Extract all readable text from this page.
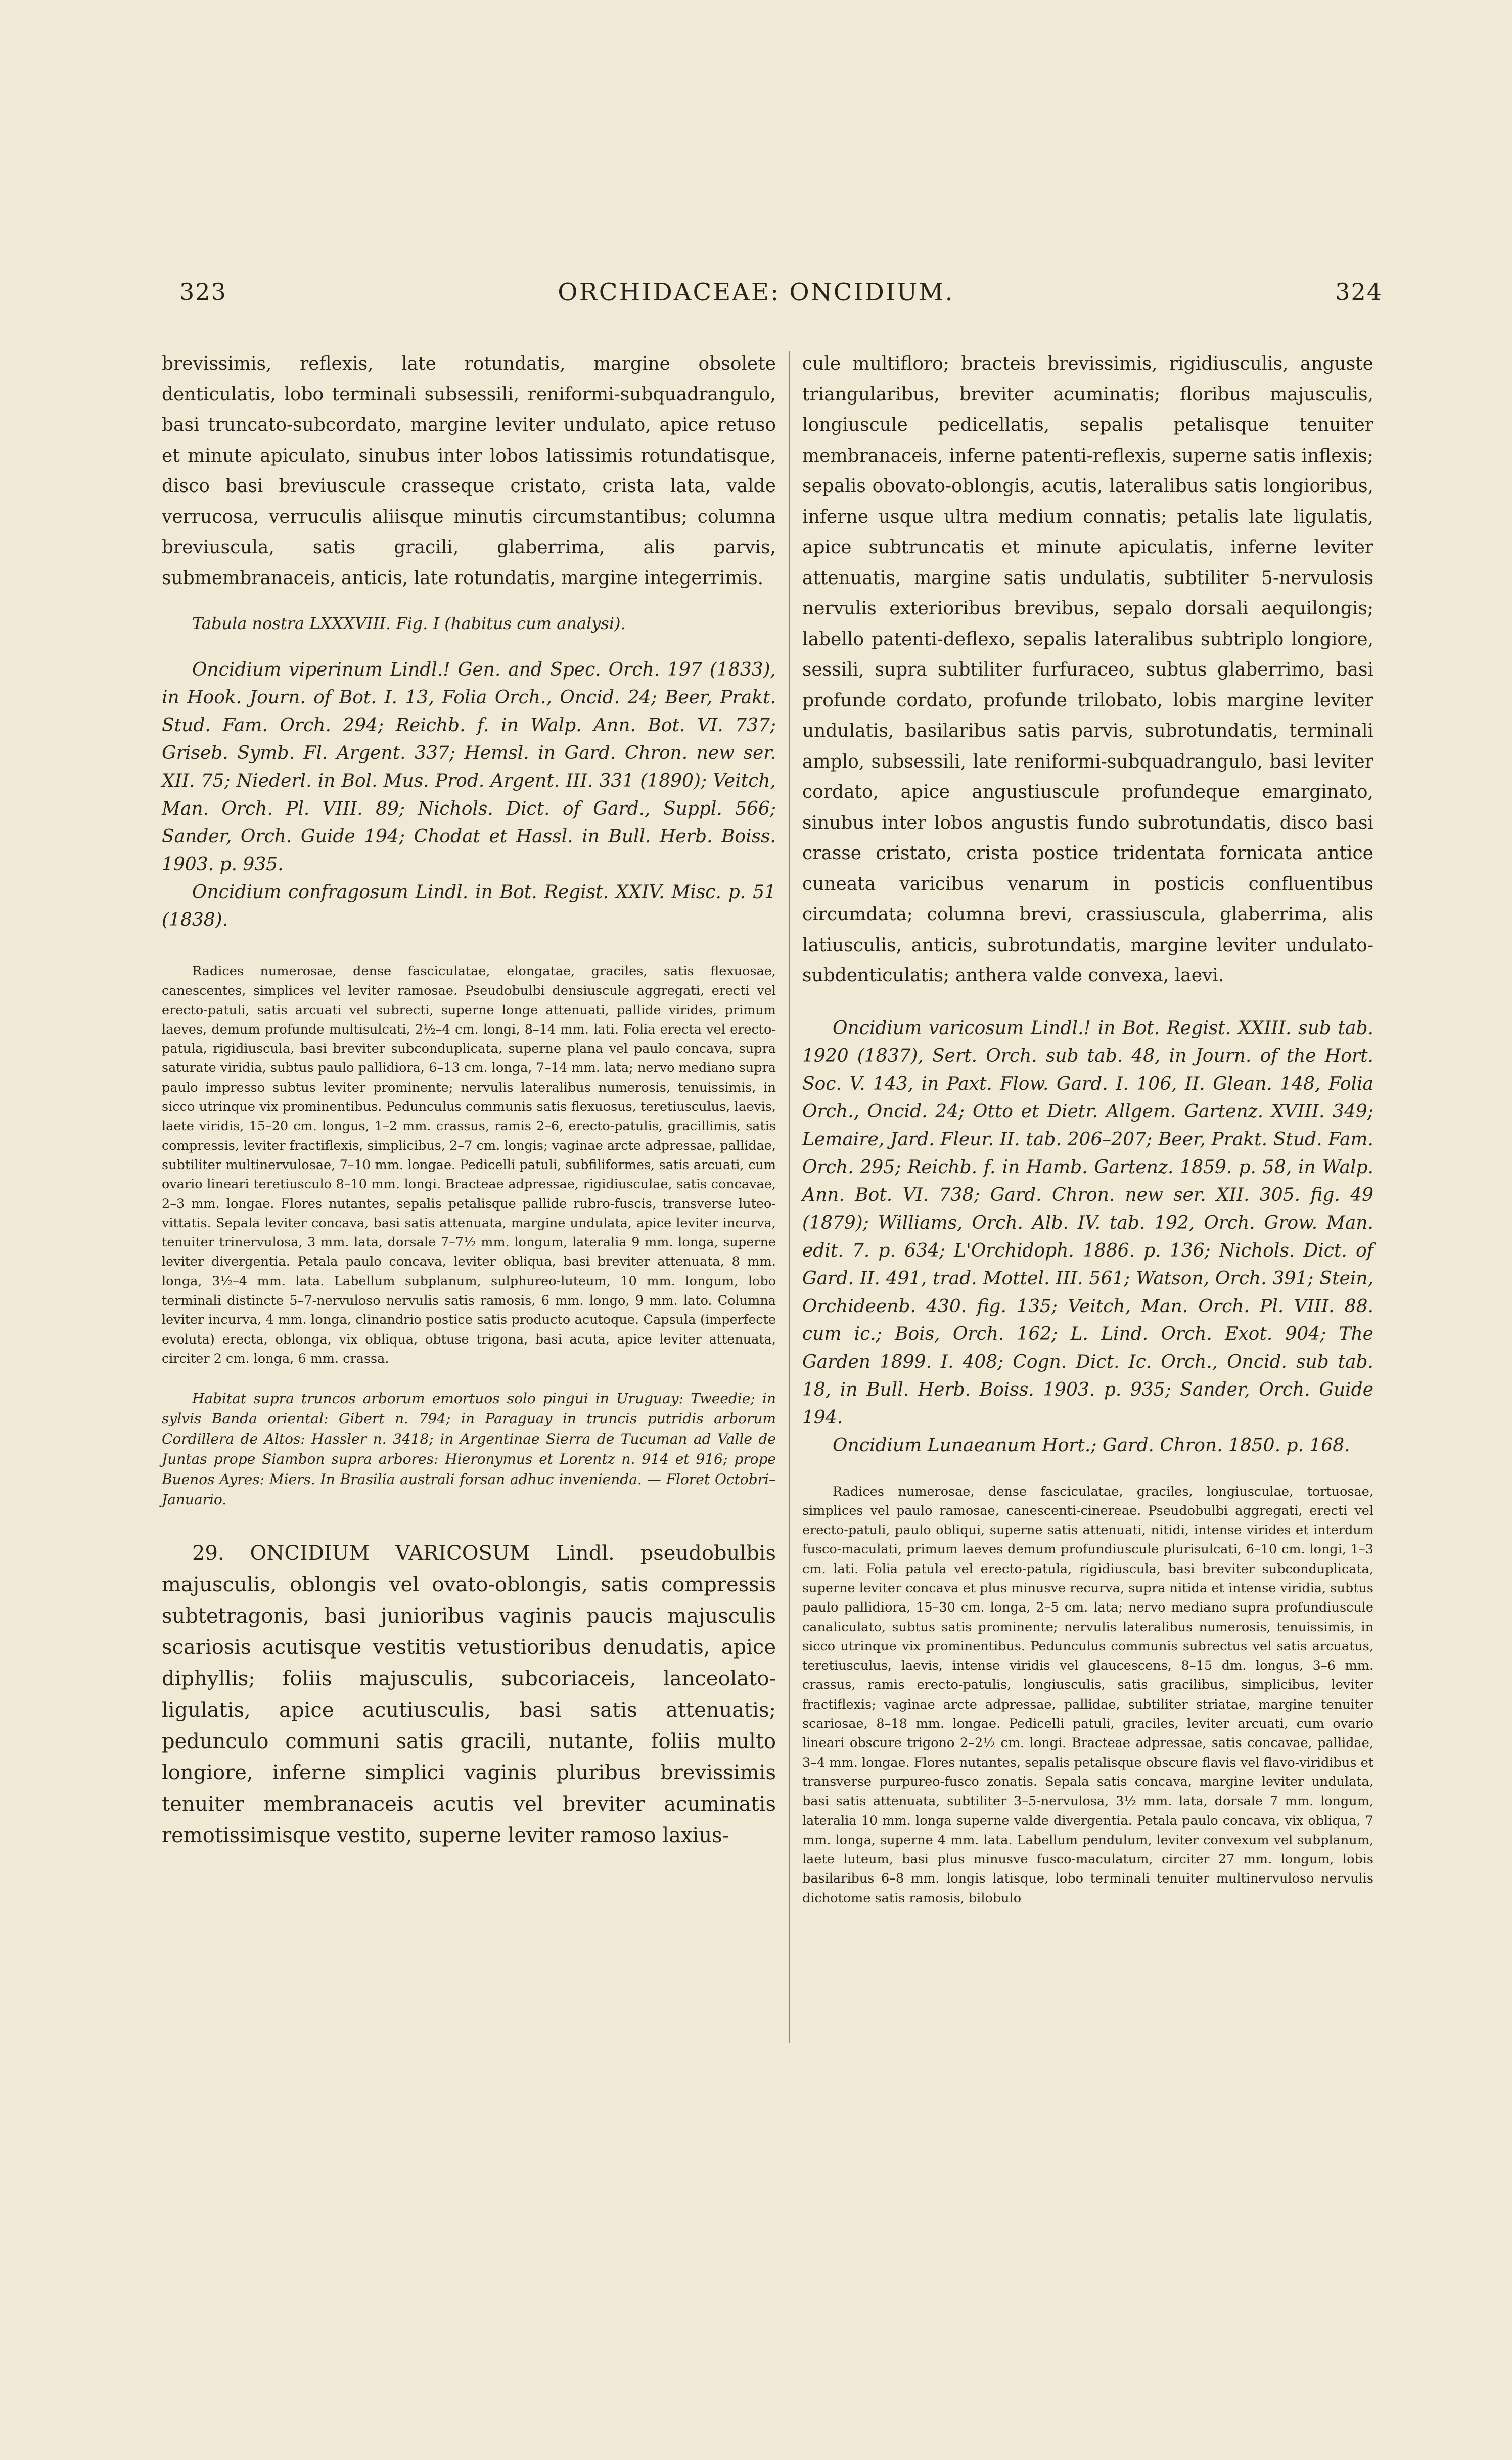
323	ORCHIDACEAE: ONCIDIUM.	324

brevissimis, reflexis, late rotundatis, margine obsolete denticulatis, lobo terminali subsessili, reniformi-subquadrangulo, basi truncato-subcordato, margine leviter undulato, apice retuso et minute apiculato, sinubus inter lobos latissimis rotundatisque, disco basi breviuscule crasseque cristato, crista lata, valde verrucosa, verruculis aliisque minutis circumstantibus; columna breviuscula, satis gracili, glaberrima, alis parvis, submembranaceis, anticis, late rotundatis, margine integerrimis.

Tabula nostra LXXXVIII. Fig. I (habitus cum analysi).

Oncidium viperinum Lindl.! Gen. and Spec. Orch. 197 (1833), in Hook. Journ. of Bot. I. 13, Folia Orch., Oncid. 24; Beer, Prakt. Stud. Fam. Orch. 294; Reichb. f. in Walp. Ann. Bot. VI. 737; Griseb. Symb. Fl. Argent. 337; Hemsl. in Gard. Chron. new ser. XII. 75; Niederl. in Bol. Mus. Prod. Argent. III. 331 (1890); Veitch, Man. Orch. Pl. VIII. 89; Nichols. Dict. of Gard., Suppl. 566; Sander, Orch. Guide 194; Chodat et Hassl. in Bull. Herb. Boiss. 1903. p. 935.

Oncidium confragosum Lindl. in Bot. Regist. XXIV. Misc. p. 51 (1838).

Radices numerosae, dense fasciculatae, elongatae, graciles, satis flexuosae, canescentes, simplices vel leviter ramosae. Pseudobulbi densiuscule aggregati, erecti vel erecto-patuli, satis arcuati vel subrecti, superne longe attenuati, pallide virides, primum laeves, demum profunde multisulcati, 2½–4 cm. longi, 8–14 mm. lati. Folia erecta vel erecto-patula, rigidiuscula, basi breviter subconduplicata, superne plana vel paulo concava, supra saturate viridia, subtus paulo pallidiora, 6–13 cm. longa, 7–14 mm. lata; nervo mediano supra paulo impresso subtus leviter prominente; nervulis lateralibus numerosis, tenuissimis, in sicco utrinque vix prominentibus. Pedunculus communis satis flexuosus, teretiusculus, laevis, laete viridis, 15–20 cm. longus, 1–2 mm. crassus, ramis 2–6, erecto-patulis, gracillimis, satis compressis, leviter fractiflexis, simplicibus, 2–7 cm. longis; vaginae arcte adpressae, pallidae, subtiliter multinervulosae, 7–10 mm. longae. Pedicelli patuli, subfiliformes, satis arcuati, cum ovario lineari teretiusculo 8–10 mm. longi. Bracteae adpressae, rigidiusculae, satis concavae, 2–3 mm. longae. Flores nutantes, sepalis petalisque pallide rubro-fuscis, transverse luteo-vittatis. Sepala leviter concava, basi satis attenuata, margine undulata, apice leviter incurva, tenuiter trinervulosa, 3 mm. lata, dorsale 7–7½ mm. longum, lateralia 9 mm. longa, superne leviter divergentia. Petala paulo concava, leviter obliqua, basi breviter attenuata, 8 mm. longa, 3½–4 mm. lata. Labellum subplanum, sulphureo-luteum, 10 mm. longum, lobo terminali distincte 5–7-nervuloso nervulis satis ramosis, 6 mm. longo, 9 mm. lato. Columna leviter incurva, 4 mm. longa, clinandrio postice satis producto acutoque. Capsula (imperfecte evoluta) erecta, oblonga, vix obliqua, obtuse trigona, basi acuta, apice leviter attenuata, circiter 2 cm. longa, 6 mm. crassa.

Habitat supra truncos arborum emortuos solo pingui in Uruguay: Tweedie; in sylvis Banda oriental: Gibert n. 794; in Paraguay in truncis putridis arborum Cordillera de Altos: Hassler n. 3418; in Argentinae Sierra de Tucuman ad Valle de Juntas prope Siambon supra arbores: Hieronymus et Lorentz n. 914 et 916; prope Buenos Ayres: Miers. In Brasilia australi forsan adhuc invenienda. — Floret Octobri–Januario.

29. ONCIDIUM VARICOSUM Lindl. pseudobulbis majusculis, oblongis vel ovato-oblongis, satis compressis subtetragonis, basi junioribus vaginis paucis majusculis scariosis acutisque vestitis vetustioribus denudatis, apice diphyllis; foliis majusculis, subcoriaceis, lanceolato-ligulatis, apice acutiusculis, basi satis attenuatis; pedunculo communi satis gracili, nutante, foliis multo longiore, inferne simplici vaginis pluribus brevissimis tenuiter membranaceis acutis vel breviter acuminatis remotissimisque vestito, superne leviter ramoso laxius-

cule multifloro; bracteis brevissimis, rigidiusculis, anguste triangularibus, breviter acuminatis; floribus majusculis, longiuscule pedicellatis, sepalis petalisque tenuiter membranaceis, inferne patenti-reflexis, superne satis inflexis; sepalis obovato-oblongis, acutis, lateralibus satis longioribus, inferne usque ultra medium connatis; petalis late ligulatis, apice subtruncatis et minute apiculatis, inferne leviter attenuatis, margine satis undulatis, subtiliter 5-nervulosis nervulis exterioribus brevibus, sepalo dorsali aequilongis; labello patenti-deflexo, sepalis lateralibus subtriplo longiore, sessili, supra subtiliter furfuraceo, subtus glaberrimo, basi profunde cordato, profunde trilobato, lobis margine leviter undulatis, basilaribus satis parvis, subrotundatis, terminali amplo, subsessili, late reniformi-subquadrangulo, basi leviter cordato, apice angustiuscule profundeque emarginato, sinubus inter lobos angustis fundo subrotundatis, disco basi crasse cristato, crista postice tridentata fornicata antice cuneata varicibus venarum in posticis confluentibus circumdata; columna brevi, crassiuscula, glaberrima, alis latiusculis, anticis, subrotundatis, margine leviter undulato-subdenticulatis; anthera valde convexa, laevi.

Oncidium varicosum Lindl.! in Bot. Regist. XXIII. sub tab. 1920 (1837), Sert. Orch. sub tab. 48, in Journ. of the Hort. Soc. V. 143, in Paxt. Flow. Gard. I. 106, II. Glean. 148, Folia Orch., Oncid. 24; Otto et Dietr. Allgem. Gartenz. XVIII. 349; Lemaire, Jard. Fleur. II. tab. 206–207; Beer, Prakt. Stud. Fam. Orch. 295; Reichb. f. in Hamb. Gartenz. 1859. p. 58, in Walp. Ann. Bot. VI. 738; Gard. Chron. new ser. XII. 305. fig. 49 (1879); Williams, Orch. Alb. IV. tab. 192, Orch. Grow. Man. edit. 7. p. 634; L'Orchidoph. 1886. p. 136; Nichols. Dict. of Gard. II. 491, trad. Mottel. III. 561; Watson, Orch. 391; Stein, Orchideenb. 430. fig. 135; Veitch, Man. Orch. Pl. VIII. 88. cum ic.; Bois, Orch. 162; L. Lind. Orch. Exot. 904; The Garden 1899. I. 408; Cogn. Dict. Ic. Orch., Oncid. sub tab. 18, in Bull. Herb. Boiss. 1903. p. 935; Sander, Orch. Guide 194.

Oncidium Lunaeanum Hort.; Gard. Chron. 1850. p. 168.

Radices numerosae, dense fasciculatae, graciles, longiusculae, tortuosae, simplices vel paulo ramosae, canescenti-cinereae. Pseudobulbi aggregati, erecti vel erecto-patuli, paulo obliqui, superne satis attenuati, nitidi, intense virides et interdum fusco-maculati, primum laeves demum profundiuscule plurisulcati, 6–10 cm. longi, 1–3 cm. lati. Folia patula vel erecto-patula, rigidiuscula, basi breviter subconduplicata, superne leviter concava et plus minusve recurva, supra nitida et intense viridia, subtus paulo pallidiora, 15–30 cm. longa, 2–5 cm. lata; nervo mediano supra profundiuscule canaliculato, subtus satis prominente; nervulis lateralibus numerosis, tenuissimis, in sicco utrinque vix prominentibus. Pedunculus communis subrectus vel satis arcuatus, teretiusculus, laevis, intense viridis vel glaucescens, 8–15 dm. longus, 3–6 mm. crassus, ramis erecto-patulis, longiusculis, satis gracilibus, simplicibus, leviter fractiflexis; vaginae arcte adpressae, pallidae, subtiliter striatae, margine tenuiter scariosae, 8–18 mm. longae. Pedicelli patuli, graciles, leviter arcuati, cum ovario lineari obscure trigono 2–2½ cm. longi. Bracteae adpressae, satis concavae, pallidae, 3–4 mm. longae. Flores nutantes, sepalis petalisque obscure flavis vel flavo-viridibus et transverse purpureo-fusco zonatis. Sepala satis concava, margine leviter undulata, basi satis attenuata, subtiliter 3–5-nervulosa, 3½ mm. lata, dorsale 7 mm. longum, lateralia 10 mm. longa superne valde divergentia. Petala paulo concava, vix obliqua, 7 mm. longa, superne 4 mm. lata. Labellum pendulum, leviter convexum vel subplanum, laete luteum, basi plus minusve fusco-maculatum, circiter 27 mm. longum, lobis basilaribus 6–8 mm. longis latisque, lobo terminali tenuiter multinervuloso nervulis dichotome satis ramosis, bilobulo
